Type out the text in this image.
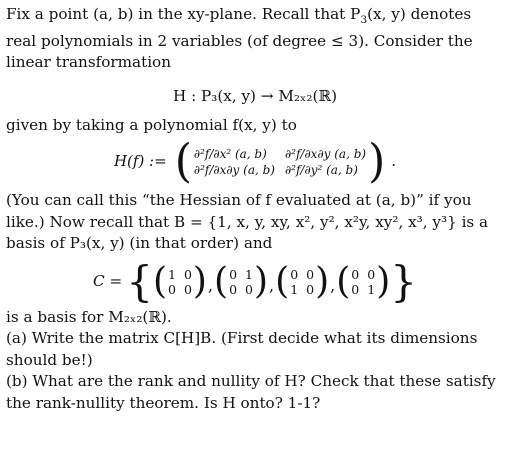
Fix a point (a, b) in the xy-plane. Recall that $P_3(x$, y) denotes real polynomials in 2 variables (of degree ≤ 3). Consider the linear transformation

H : P₃(x, y) → M₂ₓ₂(ℝ)

given by taking a polynomial f(x, y) to

H(f) := ( ∂²f/∂x² (a, b)	∂²f/∂x∂y (a, b)
∂²f/∂x∂y (a, b) ∂²f/∂y² (a, b) ) .

(You can call this “the Hessian of f evaluated at (a, b)” if you like.) Now recall that B = {1, x, y, xy, x², y², x²y, xy², x³, y³} is a basis of P₃(x, y) (in that order) and

C = { ( 1 0
0 0 ) , ( 0 1
0 0 ) , ( 0 0
1 0 ) , ( 0 0
0 1 ) }

is a basis for M₂ₓ₂(ℝ).

(a) Write the matrix C[H]B. (First decide what its dimensions should be!)

(b) What are the rank and nullity of H? Check that these satisfy the rank-nullity theorem. Is H onto? 1-1?
